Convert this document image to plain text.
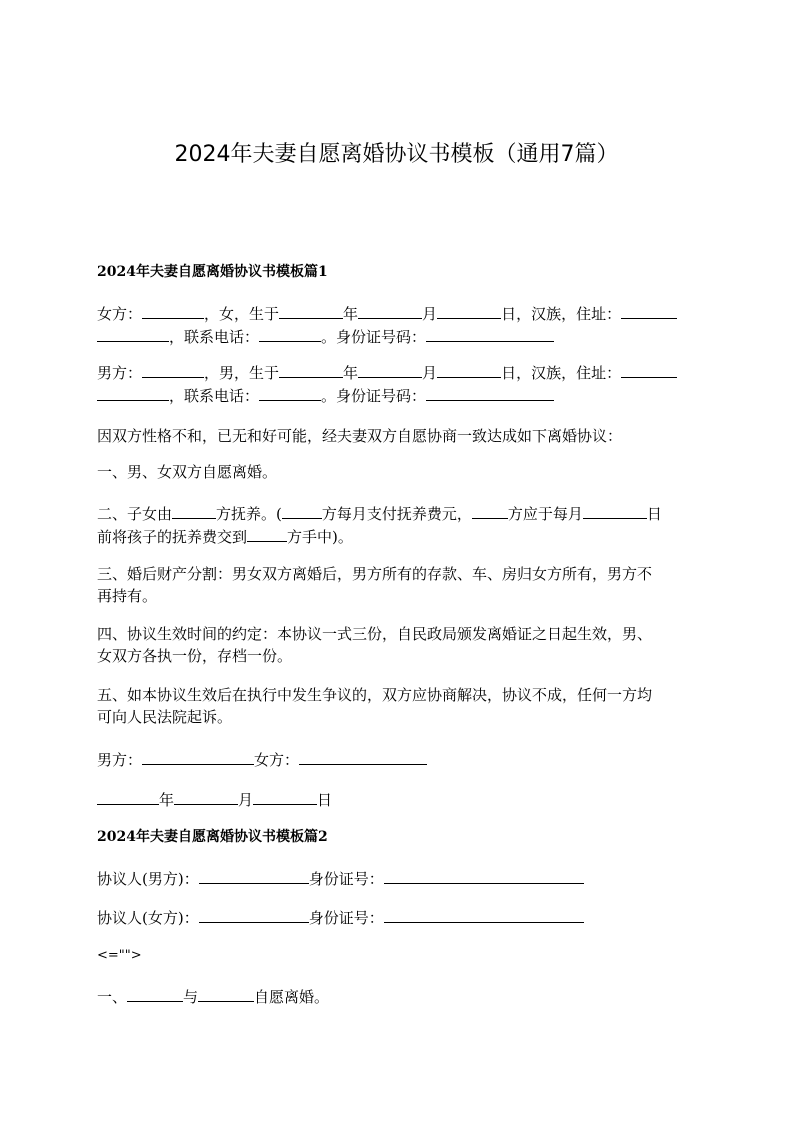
2024年夫妻自愿离婚协议书模板（通用7篇）
2024年夫妻自愿离婚协议书模板篇1
女方：	，女，生于	年	月	日，汉族，住址：
，联系电话：	。身份证号码：
男方：	，男，生于	年	月	日，汉族，住址：
，联系电话：	。身份证号码：
因双方性格不和，已无和好可能，经夫妻双方自愿协商一致达成如下离婚协议：
一、男、女双方自愿离婚。
二、子女由	方抚养。(	方每月支付抚养费元， 方应于每月	日
前将孩子的抚养费交到	方手中)。
三、婚后财产分割：男女双方离婚后，男方所有的存款、车、房归女方所有，男方不
再持有。
四、协议生效时间的约定：本协议一式三份，自民政局颁发离婚证之日起生效，男、
女双方各执一份，存档一份。
五、如本协议生效后在执行中发生争议的，双方应协商解决，协议不成，任何一方均
可向人民法院起诉。
男方：	女方：
年	月	日
2024年夫妻自愿离婚协议书模板篇2
协议人(男方)：	身份证号：
协议人(女方)：	身份证号：
<="">
一、	与	自愿离婚。
